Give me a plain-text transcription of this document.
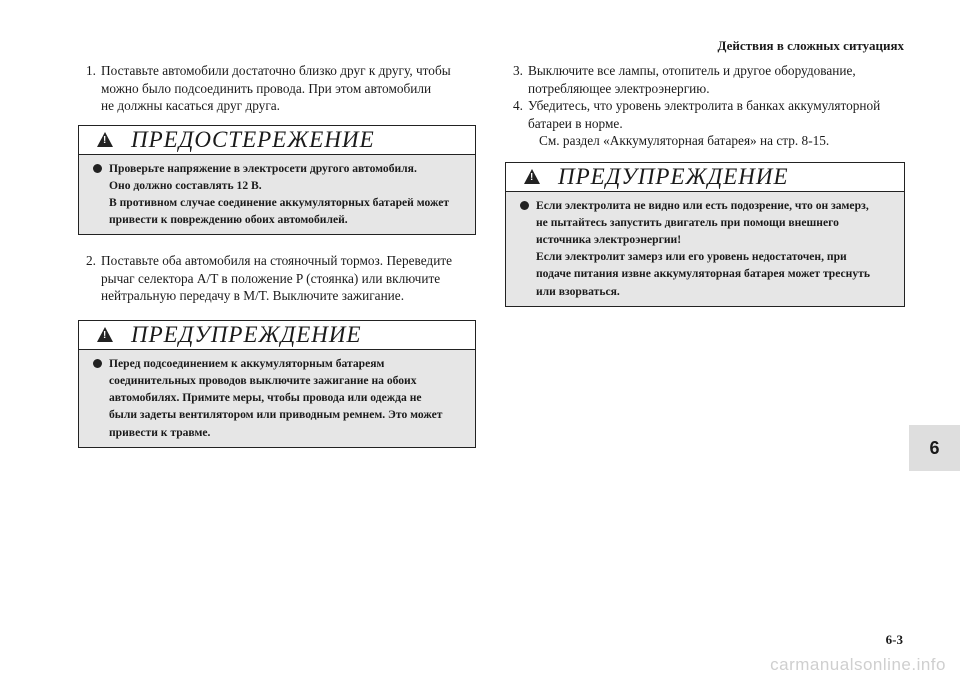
Действия в сложных ситуациях
1. Поставьте автомобили достаточно близко друг к другу, чтобы
можно было подсоединить провода. При этом автомобили
не должны касаться друг друга.
!
ПРЕДОСТЕРЕЖЕНИЕ
Проверьте напряжение в электросети другого автомобиля.
Оно должно составлять 12 В.
В противном случае соединение аккумуляторных батарей может
привести к повреждению обоих автомобилей.
2. Поставьте оба автомобиля на стояночный тормоз. Переведите
рычаг селектора A/T в положение P (стоянка) или включите
нейтральную передачу в M/T. Выключите зажигание.
!
ПРЕДУПРЕЖДЕНИЕ
Перед подсоединением к аккумуляторным батареям
соединительных проводов выключите зажигание на обоих
автомобилях. Примите меры, чтобы провода или одежда не
были задеты вентилятором или приводным ремнем. Это может
привести к травме.
3. Выключите все лампы, отопитель и другое оборудование,
потребляющее электроэнергию.
4. Убедитесь, что уровень электролита в банках аккумуляторной
батареи в норме.
См. раздел «Аккумуляторная батарея» на стр. 8-15.
!
ПРЕДУПРЕЖДЕНИЕ
Если электролита не видно или есть подозрение, что он замерз,
не пытайтесь запустить двигатель при помощи внешнего
источника электроэнергии!
Если электролит замерз или его уровень недостаточен, при
подаче питания извне аккумуляторная батарея может треснуть
или взорваться.
6
6-3
carmanualsonline.info
